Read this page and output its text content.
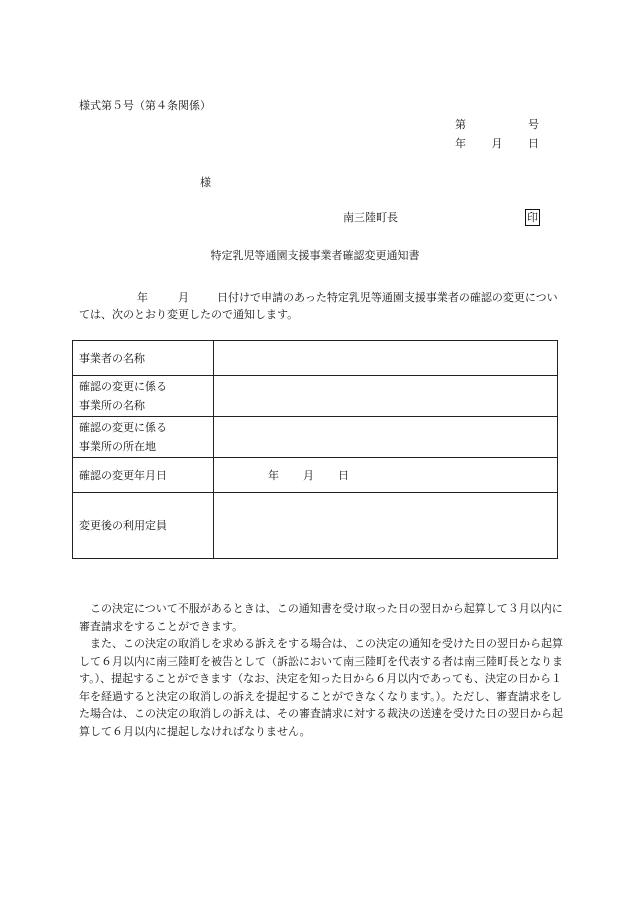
様式第５号（第４条関係）
第	号
年 月 日
様
南三陸町長	印
特定乳児等通園支援事業者確認変更通知書
年	月	日付けで申請のあった特定乳児等通園支援事業者の確認の変更については、次のとおり変更したので通知します。
事業者の名称	

確認の変更に係る
事業所の名称	

確認の変更に係る
事業所の所在地	

確認の変更年月日	年 月 日
変更後の利用定員	

この決定について不服があるときは、この通知書を受け取った日の翌日から起算して３月以内に審査請求をすることができます。

また、この決定の取消しを求める訴えをする場合は、この決定の通知を受けた日の翌日から起算して６月以内に南三陸町を被告として（訴訟において南三陸町を代表する者は南三陸町長となります。）、提起することができます（なお、決定を知った日から６月以内であっても、決定の日から１年を経過すると決定の取消しの訴えを提起することができなくなります。）。ただし、審査請求をした場合は、この決定の取消しの訴えは、その審査請求に対する裁決の送達を受けた日の翌日から起算して６月以内に提起しなければなりません。
